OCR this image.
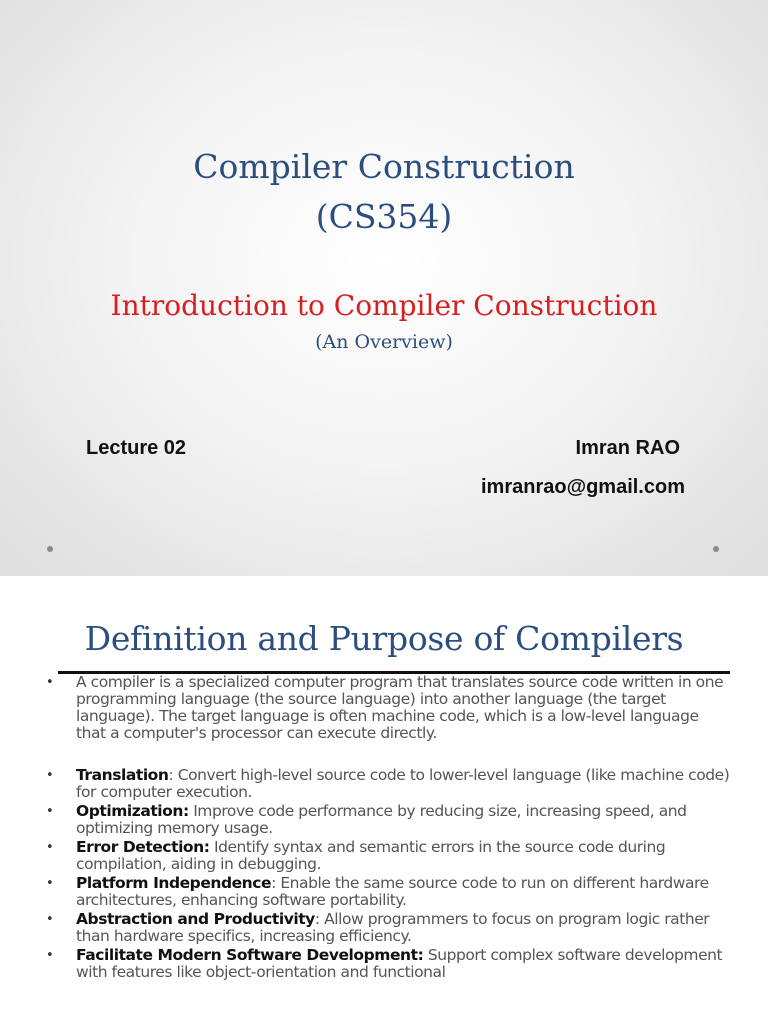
Compiler Construction
(CS354)
Introduction to Compiler Construction
(An Overview)
Lecture 02	Imran RAO
imranrao@gmail.com
Definition and Purpose of Compilers
• A compiler is a specialized computer program that translates source code written in one programming language (the source language) into another language (the target language). The target language is often machine code, which is a low-level language that a computer's processor can execute directly.
• Translation: Convert high-level source code to lower-level language (like machine code) for computer execution.
• Optimization: Improve code performance by reducing size, increasing speed, and optimizing memory usage.
• Error Detection: Identify syntax and semantic errors in the source code during compilation, aiding in debugging.
• Platform Independence: Enable the same source code to run on different hardware architectures, enhancing software portability.
• Abstraction and Productivity: Allow programmers to focus on program logic rather than hardware specifics, increasing efficiency.
• Facilitate Modern Software Development: Support complex software development with features like object-orientation and functional
